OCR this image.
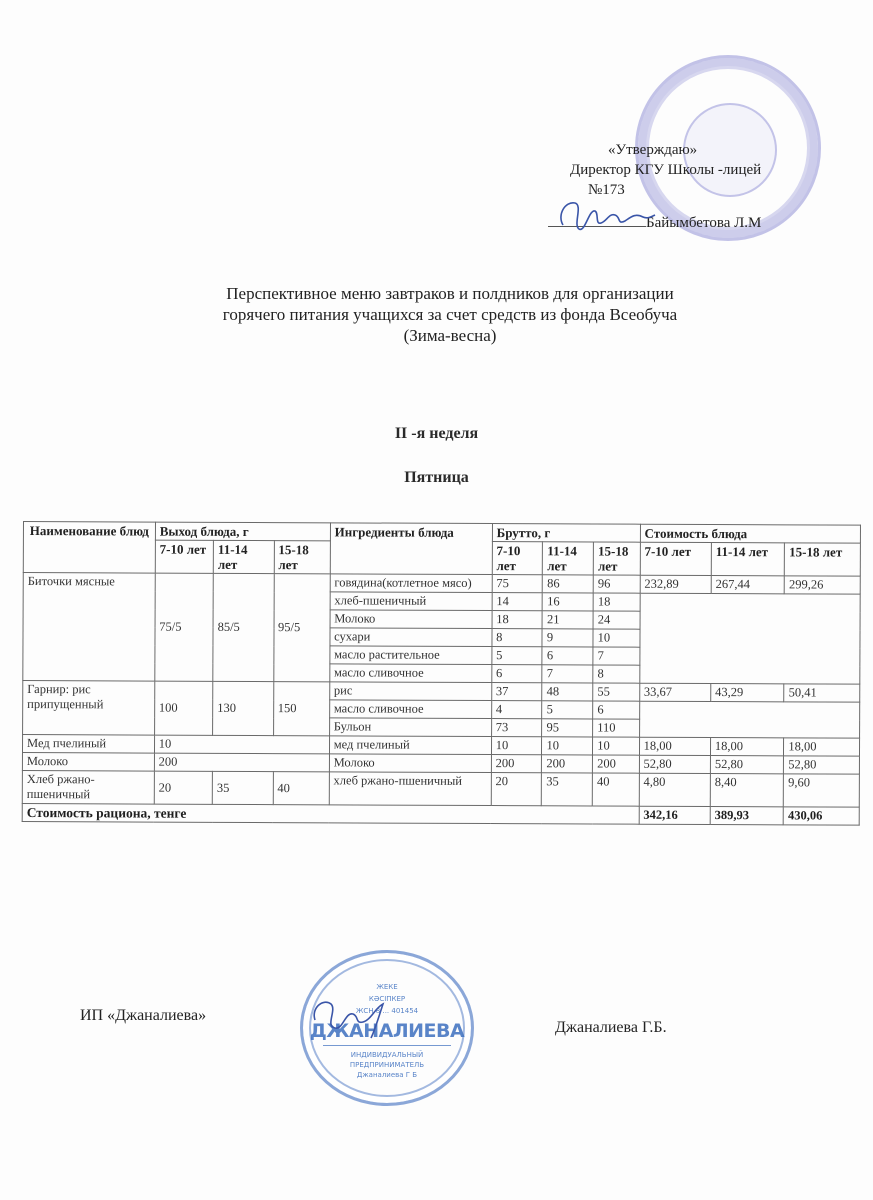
«Утверждаю»
Директор КГУ Школы -лицей
№173
Байымбетова Л.М
Перспективное меню завтраков и полдников для организации
горячего питания учащихся за счет средств из фонда Всеобуча
(Зима-весна)
II -я неделя
Пятница
Наименование блюд	Выход блюда, г			Ингредиенты блюда	Брутто, г			Стоимость блюда		
	7-10 лет	11-14 лет	15-18 лет		7-10 лет	11-14 лет	15-18 лет	7-10 лет	11-14 лет	15-18 лет
Биточки мясные	75/5	85/5	95/5	говядина(котлетное мясо)	75	86	96	232,89	267,44	299,26
				хлеб-пшеничный	14	16	18			
				Молоко	18	21	24			
				сухари	8	9	10			
				масло растительное	5	6	7			
				масло сливочное	6	7	8			
Гарнир: рис припущенный	100	130	150	рис	37	48	55	33,67	43,29	50,41
				масло сливочное	4	5	6			
				Бульон	73	95	110			
Мед пчелиный	10			мед пчелиный	10	10	10	18,00	18,00	18,00
Молоко	200			Молоко	200	200	200	52,80	52,80	52,80
Хлеб ржано-пшеничный	20	35	40	хлеб ржано-пшеничный	20	35	40	4,80	8,40	9,60
Стоимость рациона, тенге								342,16	389,93	430,06
ИП «Джаналиева»
Джаналиева Г.Б.
ЖЕКЕ
КӘСІПКЕР
ЖСН 8 ... 401454
ДЖАНАЛИЕВА
ИНДИВИДУАЛЬНЫЙ
ПРЕДПРИНИМАТЕЛЬ
Джаналиева Г Б
